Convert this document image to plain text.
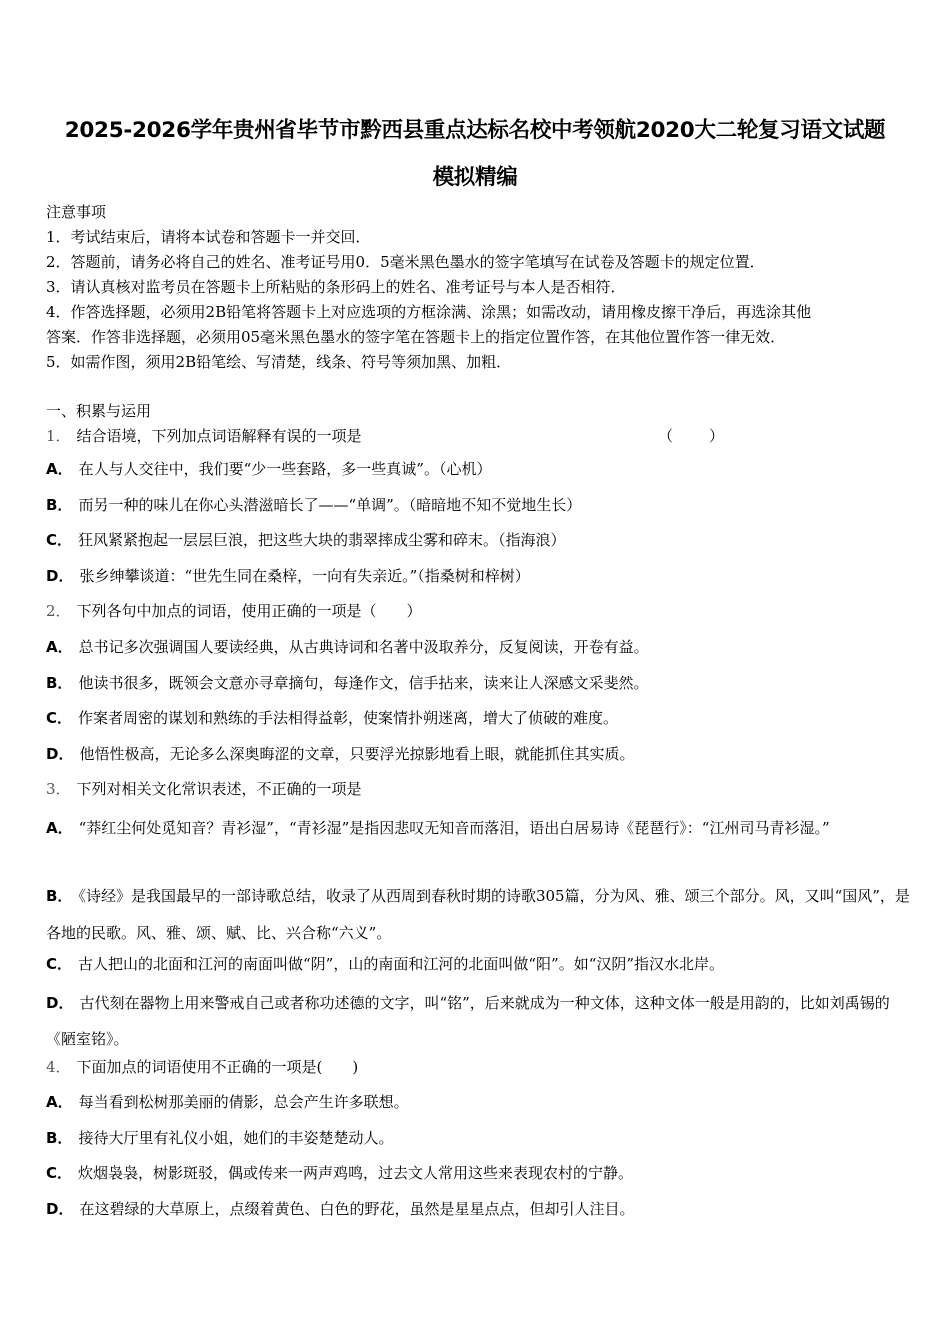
2025-2026学年贵州省毕节市黔西县重点达标名校中考领航2020大二轮复习语文试题
模拟精编
注意事项
1．考试结束后，请将本试卷和答题卡一并交回．
2．答题前，请务必将自己的姓名、准考证号用0．5毫米黑色墨水的签字笔填写在试卷及答题卡的规定位置．
3．请认真核对监考员在答题卡上所粘贴的条形码上的姓名、准考证号与本人是否相符．
4．作答选择题，必须用2B铅笔将答题卡上对应选项的方框涂满、涂黑；如需改动，请用橡皮擦干净后，再选涂其他
答案．作答非选择题，必须用05毫米黑色墨水的签字笔在答题卡上的指定位置作答，在其他位置作答一律无效．
5．如需作图，须用2B铅笔绘、写清楚，线条、符号等须加黑、加粗．
一、积累与运用
1． 结合语境，下列加点词语解释有误的一项是	（　　）
A． 在人与人交往中，我们要“少一些套路，多一些真诚”。（心机）
B． 而另一种的味儿在你心头潜滋暗长了——“单调”。（暗暗地不知不觉地生长）
C． 狂风紧紧抱起一层层巨浪，把这些大块的翡翠摔成尘雾和碎末。（指海浪）
D． 张乡绅攀谈道：“世先生同在桑梓，一向有失亲近。”（指桑树和梓树）
2． 下列各句中加点的词语，使用正确的一项是（　　）
A． 总书记多次强调国人要读经典，从古典诗词和名著中汲取养分，反复阅读，开卷有益。
B． 他读书很多，既领会文意亦寻章摘句，每逢作文，信手拈来，读来让人深感文采斐然。
C． 作案者周密的谋划和熟练的手法相得益彰，使案情扑朔迷离，增大了侦破的难度。
D． 他悟性极高，无论多么深奥晦涩的文章，只要浮光掠影地看上眼，就能抓住其实质。
3． 下列对相关文化常识表述，不正确的一项是
A． “莽红尘何处觅知音？青衫湿”，“青衫湿”是指因悲叹无知音而落泪，语出白居易诗《琵琶行》：“江州司马青衫湿。”
B． 《诗经》是我国最早的一部诗歌总结，收录了从西周到春秋时期的诗歌305篇，分为风、雅、颂三个部分。风，又叫“国风”，是各地的民歌。风、雅、颂、赋、比、兴合称“六义”。
C． 古人把山的北面和江河的南面叫做“阴”，山的南面和江河的北面叫做“阳”。如“汉阴”指汉水北岸。
D． 古代刻在器物上用来警戒自己或者称功述德的文字，叫“铭”，后来就成为一种文体，这种文体一般是用韵的，比如刘禹锡的《陋室铭》。
4． 下面加点的词语使用不正确的一项是(　　)
A． 每当看到松树那美丽的倩影，总会产生许多联想。
B． 接待大厅里有礼仪小姐，她们的丰姿楚楚动人。
C． 炊烟袅袅，树影斑驳，偶或传来一两声鸡鸣，过去文人常用这些来表现农村的宁静。
D． 在这碧绿的大草原上，点缀着黄色、白色的野花，虽然是星星点点，但却引人注目。
